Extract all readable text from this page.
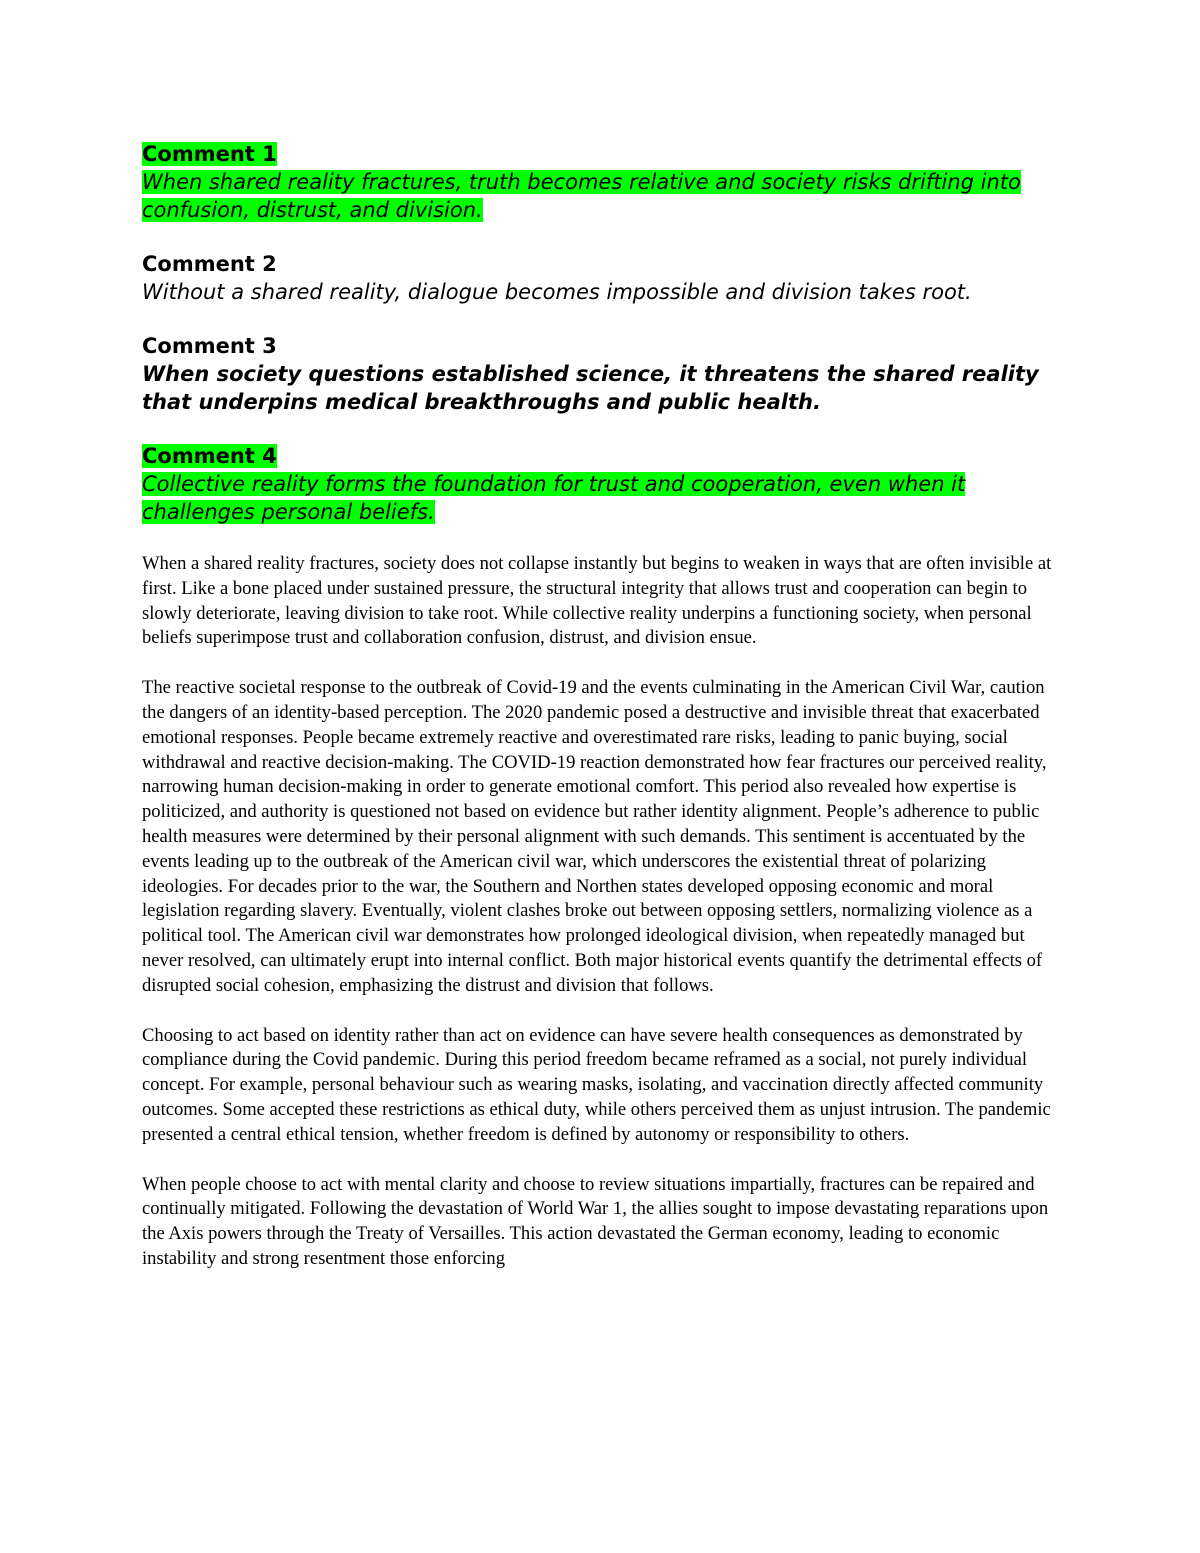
Comment 1
When shared reality fractures, truth becomes relative and society risks drifting into confusion, distrust, and division.
Comment 2
Without a shared reality, dialogue becomes impossible and division takes root.
Comment 3
When society questions established science, it threatens the shared reality that underpins medical breakthroughs and public health.
Comment 4
Collective reality forms the foundation for trust and cooperation, even when it challenges personal beliefs.

When a shared reality fractures, society does not collapse instantly but begins to weaken in ways that are often invisible at first. Like a bone placed under sustained pressure, the structural integrity that allows trust and cooperation can begin to slowly deteriorate, leaving division to take root. While collective reality underpins a functioning society, when personal beliefs superimpose trust and collaboration confusion, distrust, and division ensue.

The reactive societal response to the outbreak of Covid-19 and the events culminating in the American Civil War, caution the dangers of an identity-based perception. The 2020 pandemic posed a destructive and invisible threat that exacerbated emotional responses. People became extremely reactive and overestimated rare risks, leading to panic buying, social withdrawal and reactive decision-making. The COVID-19 reaction demonstrated how fear fractures our perceived reality, narrowing human decision-making in order to generate emotional comfort. This period also revealed how expertise is politicized, and authority is questioned not based on evidence but rather identity alignment. People’s adherence to public health measures were determined by their personal alignment with such demands. This sentiment is accentuated by the events leading up to the outbreak of the American civil war, which underscores the existential threat of polarizing ideologies. For decades prior to the war, the Southern and Northen states developed opposing economic and moral legislation regarding slavery. Eventually, violent clashes broke out between opposing settlers, normalizing violence as a political tool. The American civil war demonstrates how prolonged ideological division, when repeatedly managed but never resolved, can ultimately erupt into internal conflict. Both major historical events quantify the detrimental effects of disrupted social cohesion, emphasizing the distrust and division that follows.

Choosing to act based on identity rather than act on evidence can have severe health consequences as demonstrated by compliance during the Covid pandemic. During this period freedom became reframed as a social, not purely individual concept. For example, personal behaviour such as wearing masks, isolating, and vaccination directly affected community outcomes. Some accepted these restrictions as ethical duty, while others perceived them as unjust intrusion. The pandemic presented a central ethical tension, whether freedom is defined by autonomy or responsibility to others.

When people choose to act with mental clarity and choose to review situations impartially, fractures can be repaired and continually mitigated. Following the devastation of World War 1, the allies sought to impose devastating reparations upon the Axis powers through the Treaty of Versailles. This action devastated the German economy, leading to economic instability and strong resentment those enforcing
